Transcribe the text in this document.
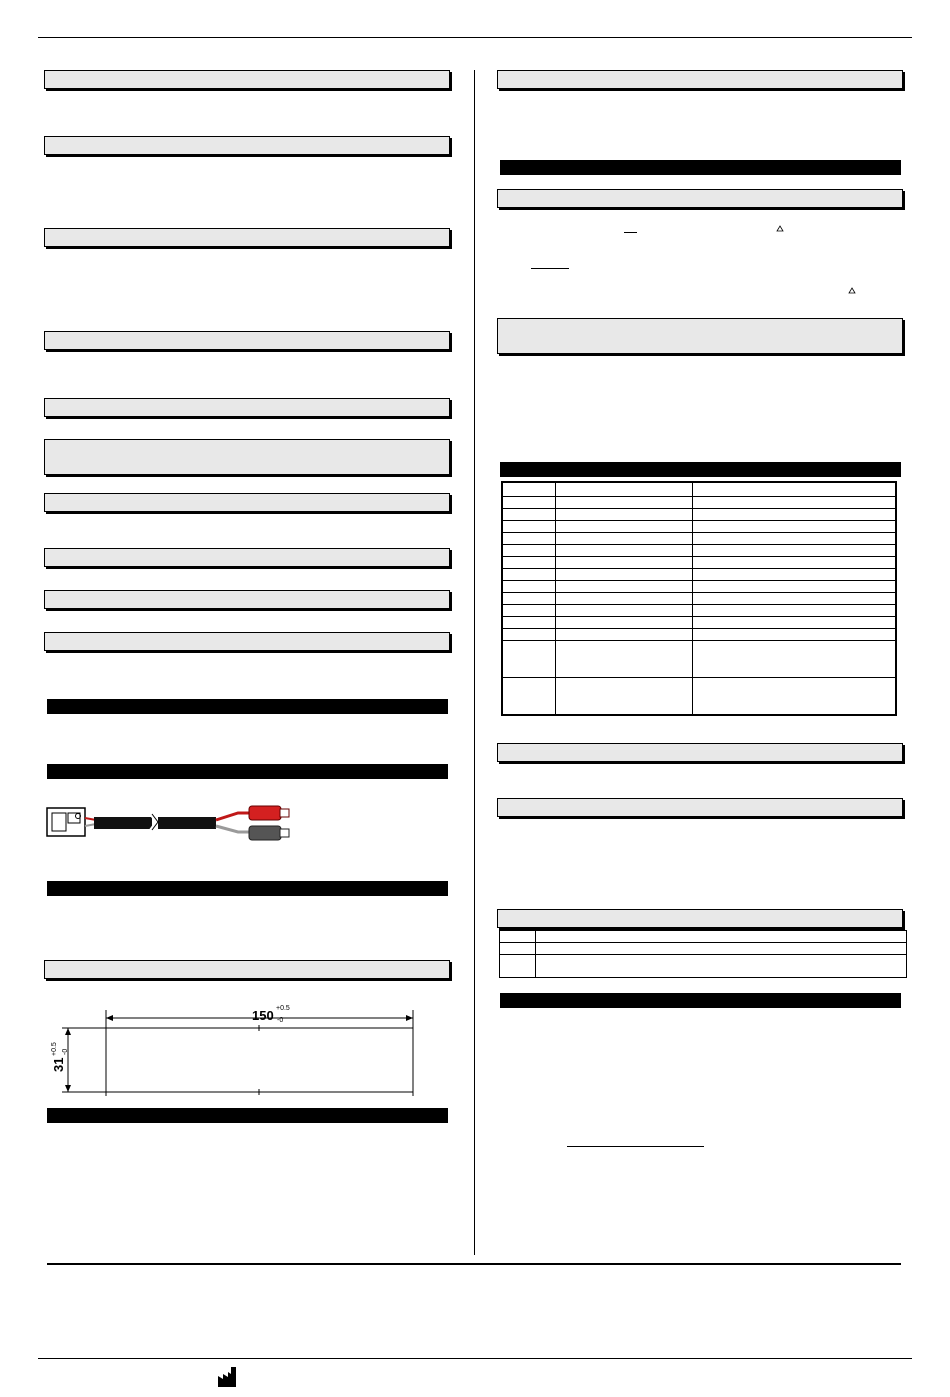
150 +0.5
-0
31
+0.5 -0
